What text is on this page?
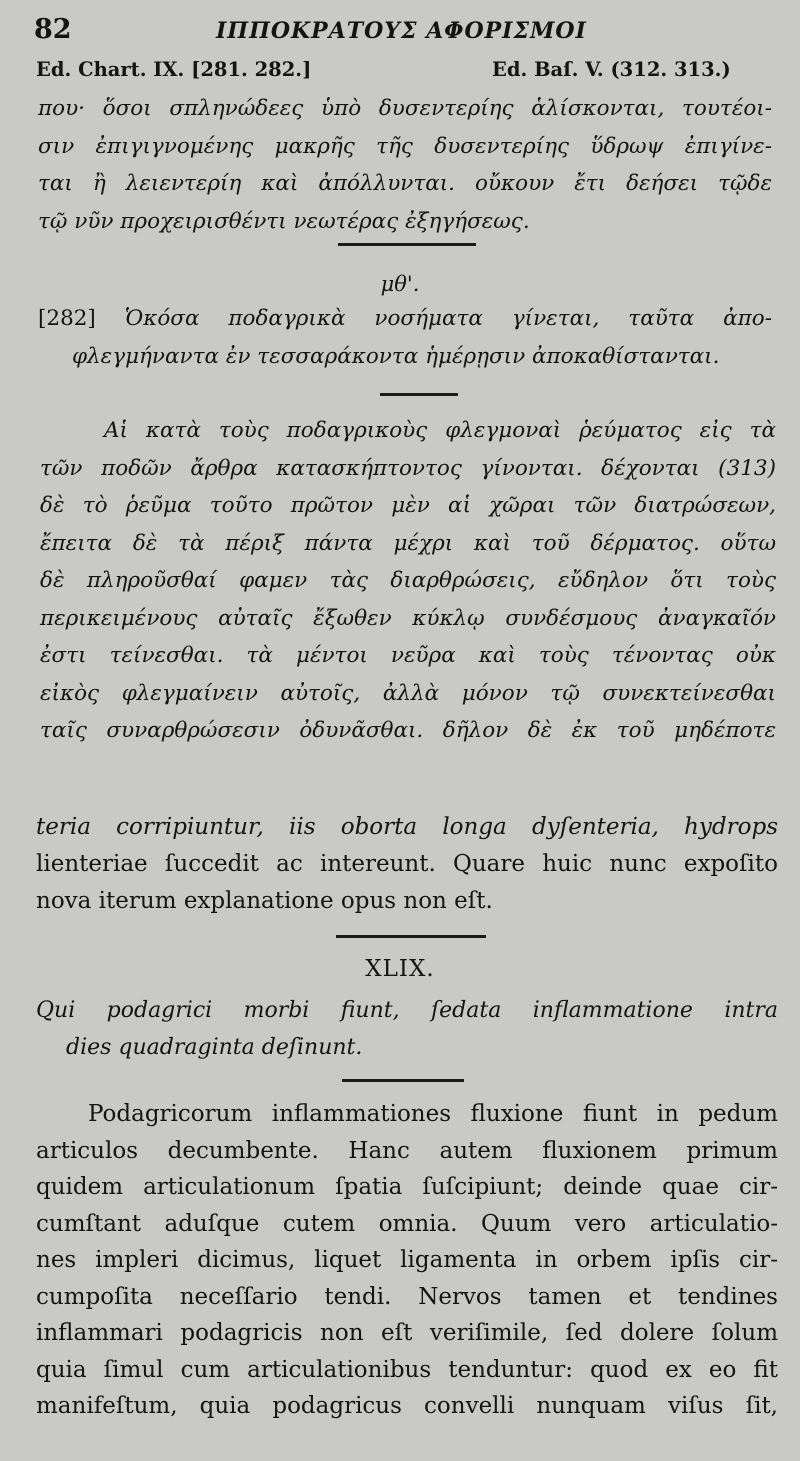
82	ΙΠΠΟΚΡΑΤΟΥΣ ΑΦΟΡΙΣΜΟΙ
Ed. Chart. IX. [281. 282.]	Ed. Baſ. V. (312. 313.)
που· ὅσοι σπληνώδεες ὑπὸ δυσεντερίης ἁλίσκονται, τουτέοι-
σιν ἐπιγιγνομένης μακρῆς τῆς δυσεντερίης ὕδρωψ ἐπιγίνε-
ται ἢ λειεντερίη καὶ ἀπόλλυνται. οὔκουν ἔτι δεήσει τῷδε
τῷ νῦν προχειρισθέντι νεωτέρας ἐξηγήσεως.
μθ'.
[282] Ὁκόσα ποδαγρικὰ νοσήματα γίνεται, ταῦτα ἀπο-
φλεγμήναντα ἐν τεσσαράκοντα ἡμέρῃσιν ἀποκαθίστανται.
Αἱ κατὰ τοὺς ποδαγρικοὺς φλεγμοναὶ ῥεύματος εἰς τὰ
τῶν ποδῶν ἄρθρα κατασκήπτοντος γίνονται. δέχονται (313)
δὲ τὸ ῥεῦμα τοῦτο πρῶτον μὲν αἱ χῶραι τῶν διατρώσεων,
ἔπειτα δὲ τὰ πέριξ πάντα μέχρι καὶ τοῦ δέρματος. οὕτω
δὲ πληροῦσθαί φαμεν τὰς διαρθρώσεις, εὔδηλον ὅτι τοὺς
περικειμένους αὐταῖς ἔξωθεν κύκλῳ συνδέσμους ἀναγκαῖόν
ἐστι τείνεσθαι. τὰ μέντοι νεῦρα καὶ τοὺς τένοντας οὐκ
εἰκὸς φλεγμαίνειν αὐτοῖς, ἀλλὰ μόνον τῷ συνεκτείνεσθαι
ταῖς συναρθρώσεσιν ὀδυνᾶσθαι. δῆλον δὲ ἐκ τοῦ μηδέποτε
teria corripiuntur, iis oborta longa dyſenteria, hydrops
lienteriae ſuccedit ac intereunt. Quare huic nunc expoſito
nova iterum explanatione opus non eſt.
XLIX.
Qui podagrici morbi fiunt, ſedata inflammatione intra
dies quadraginta deſinunt.
Podagricorum inflammationes fluxione fiunt in pedum
articulos decumbente. Hanc autem fluxionem primum
quidem articulationum ſpatia ſuſcipiunt; deinde quae cir-
cumſtant aduſque cutem omnia. Quum vero articulatio-
nes impleri dicimus, liquet ligamenta in orbem ipſis cir-
cumpoſita neceſſario tendi. Nervos tamen et tendines
inflammari podagricis non eſt veriſimile, ſed dolere ſolum
quia ſimul cum articulationibus tenduntur: quod ex eo fit
manifeſtum, quia podagricus convelli nunquam viſus ſit,
